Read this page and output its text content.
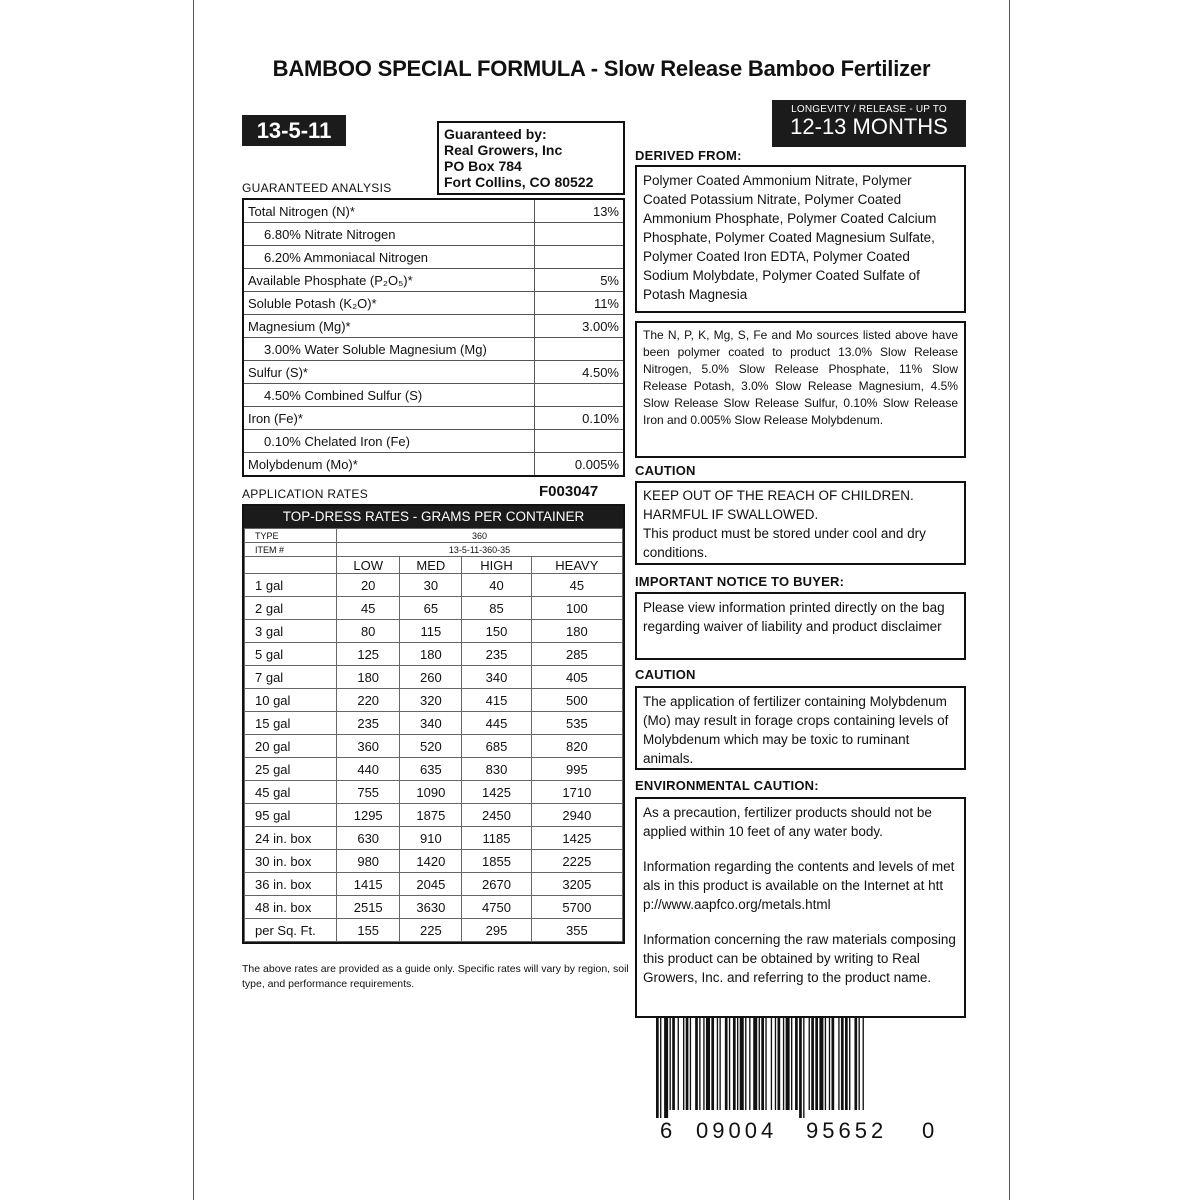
BAMBOO SPECIAL FORMULA - Slow Release Bamboo Fertilizer
13-5-11	Guaranteed by:
Real Growers, Inc
PO Box 784
Fort Collins, CO 80522
LONGEVITY / RELEASE - UP TO
12-13 MONTHS
GUARANTEED ANALYSIS
Total Nitrogen (N)*	13%
6.80% Nitrate Nitrogen	
6.20% Ammoniacal Nitrogen	
Available Phosphate (P₂O₅)*	5%
Soluble Potash (K₂O)*	11%
Magnesium (Mg)*	3.00%
3.00% Water Soluble Magnesium (Mg)	
Sulfur (S)*	4.50%
4.50% Combined Sulfur (S)	
Iron (Fe)*	0.10%
0.10% Chelated Iron (Fe)	
Molybdenum (Mo)*	0.005%
APPLICATION RATES	F003047
TOP-DRESS RATES - GRAMS PER CONTAINER
TYPE	360			
ITEM #	13-5-11-360-35			
	LOW	MED	HIGH	HEAVY
1 gal	20	30	40	45
2 gal	45	65	85	100
3 gal	80	115	150	180
5 gal	125	180	235	285
7 gal	180	260	340	405
10 gal	220	320	415	500
15 gal	235	340	445	535
20 gal	360	520	685	820
25 gal	440	635	830	995
45 gal	755	1090	1425	1710
95 gal	1295	1875	2450	2940
24 in. box	630	910	1185	1425
30 in. box	980	1420	1855	2225
36 in. box	1415	2045	2670	3205
48 in. box	2515	3630	4750	5700
per Sq. Ft.	155	225	295	355
The above rates are provided as a guide only. Specific rates will vary by region, soil type, and performance requirements.
DERIVED FROM:
Polymer Coated Ammonium Nitrate, Polymer Coated Potassium Nitrate, Polymer Coated Ammonium Phosphate, Polymer Coated Calcium Phosphate, Polymer Coated Magnesium Sulfate, Polymer Coated Iron EDTA, Polymer Coated Sodium Molybdate, Polymer Coated Sulfate of Potash Magnesia
The N, P, K, Mg, S, Fe and Mo sources listed above have been polymer coated to product 13.0% Slow Release Nitrogen, 5.0% Slow Release Phosphate, 11% Slow Release Potash, 3.0% Slow Release Magnesium, 4.5% Slow Release Slow Release Sulfur, 0.10% Slow Release Iron and 0.005% Slow Release Molybdenum.
CAUTION
KEEP OUT OF THE REACH OF CHILDREN.
HARMFUL IF SWALLOWED.
This product must be stored under cool and dry conditions.
IMPORTANT NOTICE TO BUYER:
Please view information printed directly on the bag regarding waiver of liability and product disclaimer
CAUTION
The application of fertilizer containing Molybdenum (Mo) may result in forage crops containing levels of Molybdenum which may be toxic to ruminant animals.
ENVIRONMENTAL CAUTION:
As a precaution, fertilizer products should not be applied within 10 feet of any water body.
Information regarding the contents and levels of metals in this product is available on the Internet at http://www.aapfco.org/metals.html
Information concerning the raw materials composing this product can be obtained by writing to Real Growers, Inc. and referring to the product name.
6 09004 95652 0
